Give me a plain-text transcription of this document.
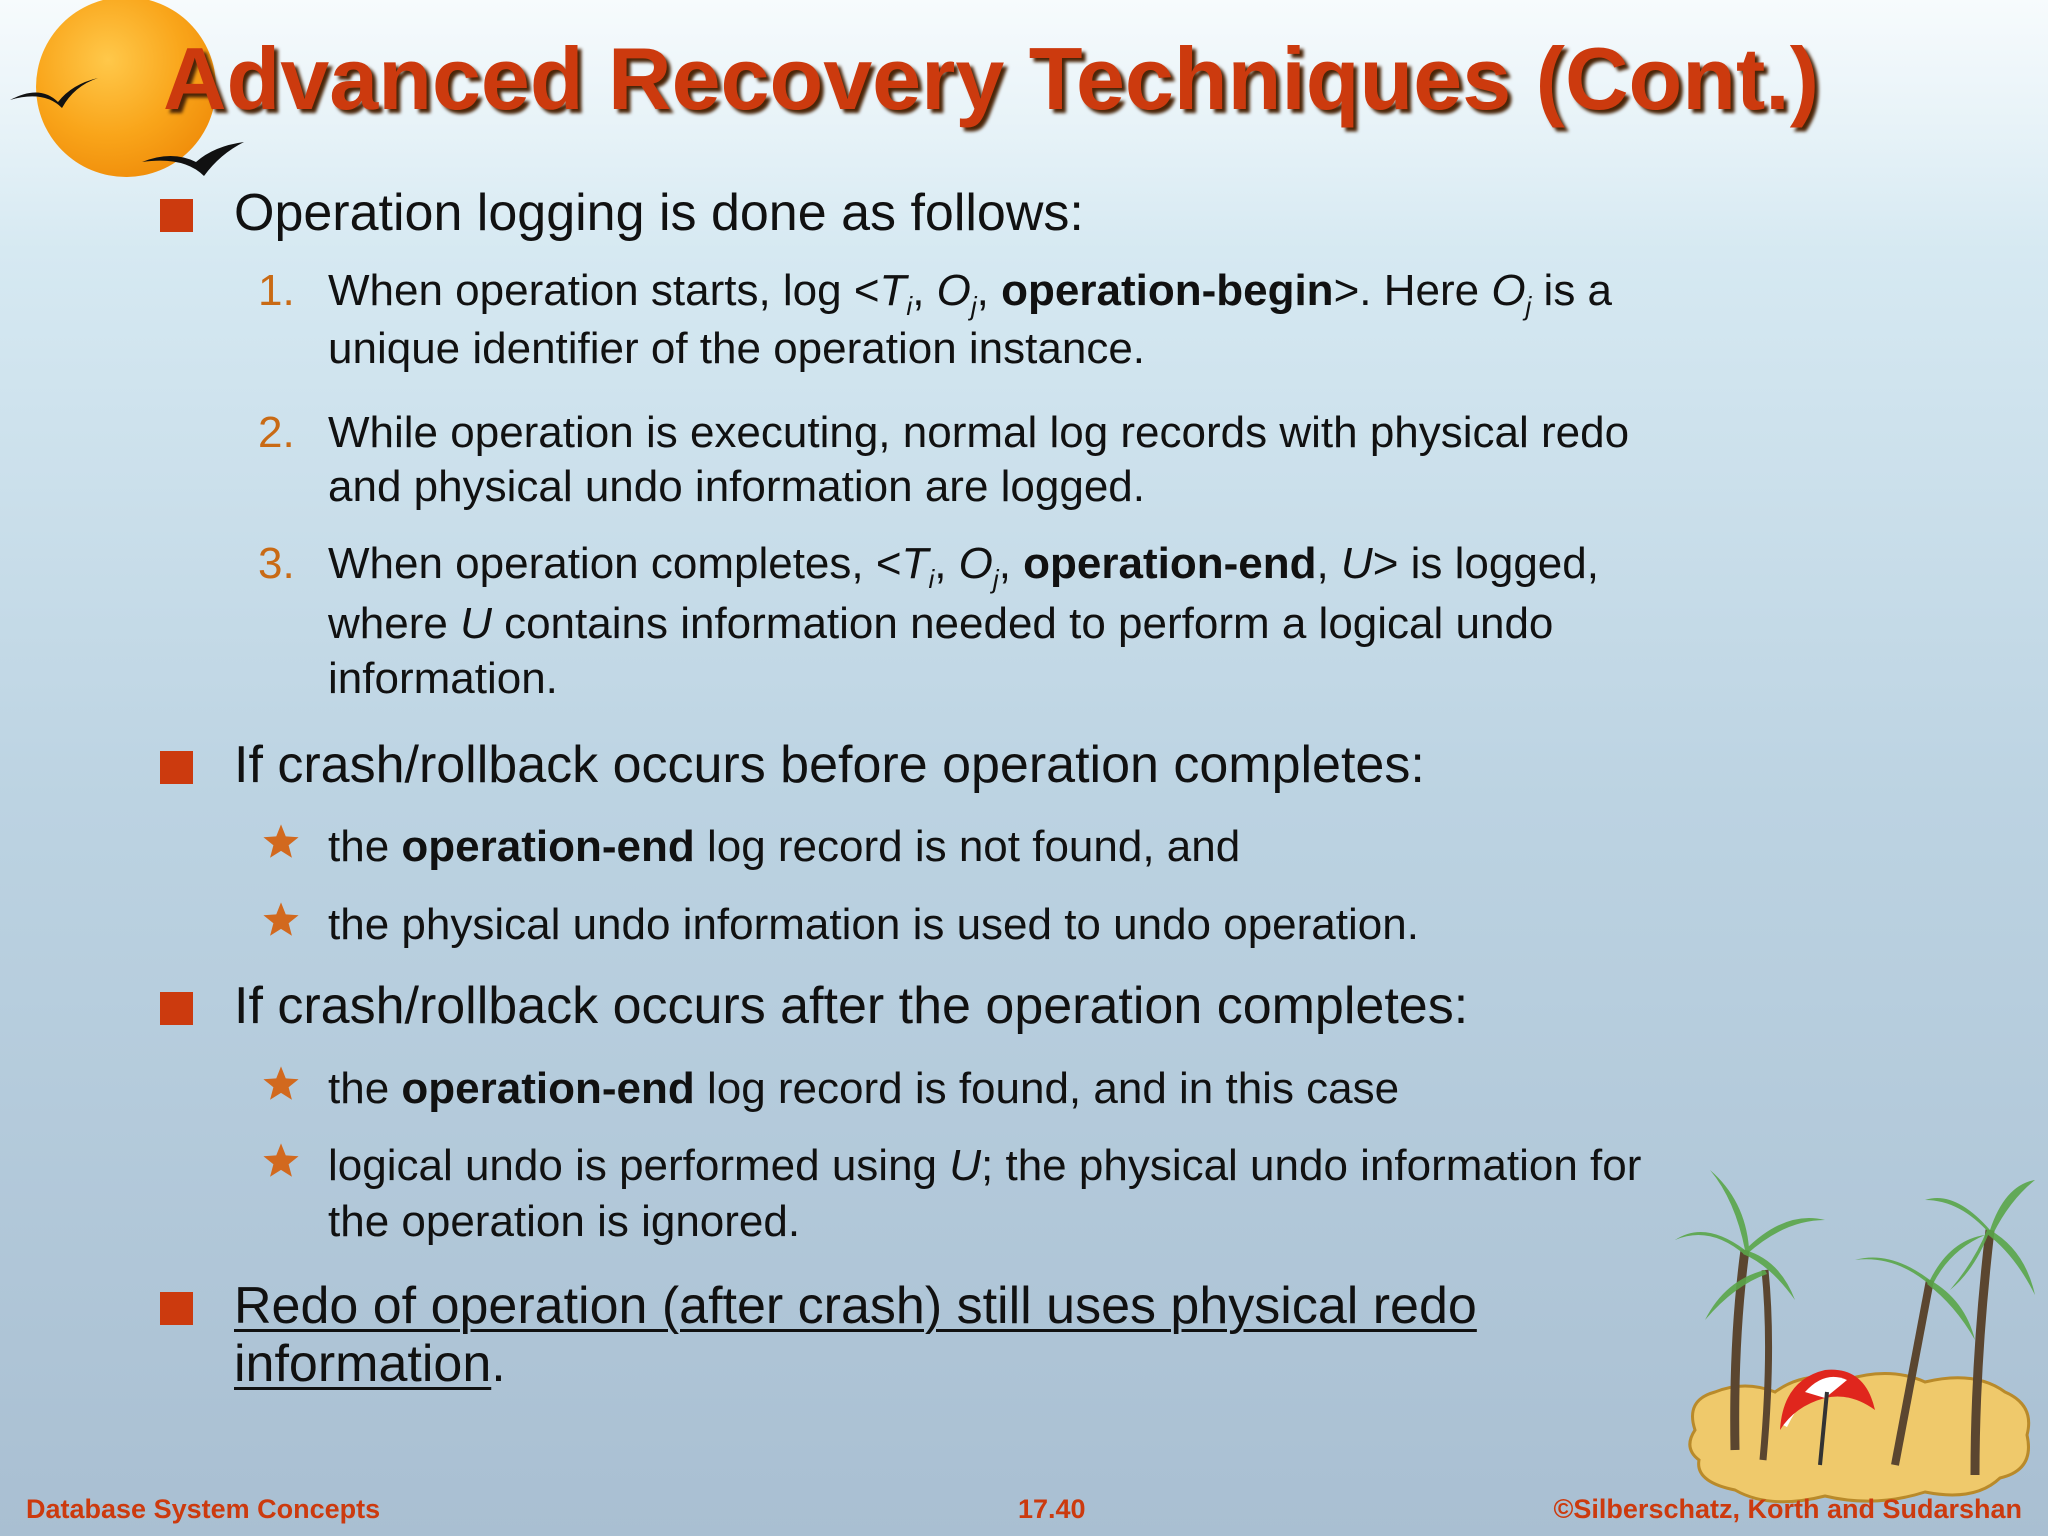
Advanced Recovery Techniques (Cont.)
Operation logging is done as follows:
1. When operation starts, $\log <T_i$, $O_j$, operation-begin>. Here $O_j$ is a
unique identifier of the operation instance.
2. While operation is executing, normal log records with physical redo
and physical undo information are logged.
3. When operation completes, $<T_i$, $O_j$, operation-end, U> is logged,
where U contains information needed to perform a logical undo
information.
If crash/rollback occurs before operation completes:
the operation-end log record is not found, and
the physical undo information is used to undo operation.
If crash/rollback occurs after the operation completes:
the operation-end log record is found, and in this case
logical undo is performed using U; the physical undo information for
the operation is ignored.
Redo of operation (after crash) still uses physical redo
information.
Database System Concepts	17.40	©Silberschatz, Korth and Sudarshan
